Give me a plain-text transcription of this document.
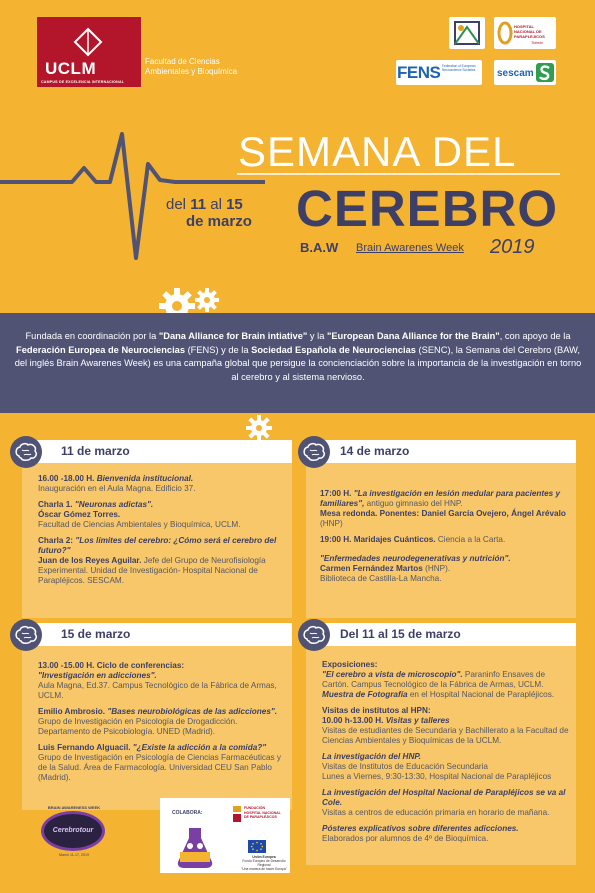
UCLM
CAMPUS DE EXCELENCIA INTERNACIONAL
Facultad de Ciencias
Ambientales y Bioquímica
HOSPITAL
NACIONAL DE
PARAPLÉJICOS
Toledo
FENS Federation of European Neuroscience Societies	sescam
SEMANA DEL
CEREBRO
del 11 al 15
de marzo
B.A.W Brain Awarenes Week 2019
Fundada en coordinación por la "Dana Alliance for Brain intiative" y la "European Dana Alliance for the Brain", con apoyo de la Federación Europea de Neurociencias (FENS) y de la Sociedad Española de Neurociencias (SENC), la Semana del Cerebro (BAW, del inglés Brain Awarenes Week) es una campaña global que persigue la concienciación sobre la importancia de la investigación en torno al cerebro y al sistema nervioso.
11 de marzo	14 de marzo
15 de marzo	Del 11 al 15 de marzo

16.00 -18.00 H. Bienvenida institucional.
Inauguración en el Aula Magna. Edificio 37.

Charla 1. "Neuronas adictas".
Óscar Gómez Torres.
Facultad de Ciencias Ambientales y Bioquímica, UCLM.

Charla 2: "Los límites del cerebro: ¿Cómo será el cerebro del futuro?"
Juan de los Reyes Aguilar. Jefe del Grupo de Neurofisiología Experimental. Unidad de Investigación- Hospital Nacional de Parapléjicos. SESCAM.

17:00 H. "La investigación en lesión medular para pacientes y familiares", antiguo gimnasio del HNP.
Mesa redonda. Ponentes: Daniel García Ovejero, Ángel Arévalo (HNP)

19:00 H. Maridajes Cuánticos. Ciencia a la Carta.

"Enfermedades neurodegenerativas y nutrición".
Carmen Fernández Martos (HNP).
Biblioteca de Castilla-La Mancha.

13.00 -15.00 H. Ciclo de conferencias:
"Investigación en adicciones".
Aula Magna, Ed.37. Campus Tecnológico de la Fábrica de Armas, UCLM.

Emilio Ambrosio. "Bases neurobiológicas de las adicciones".
Grupo de Investigación en Psicología de Drogadicción. Departamento de Psicobiología. UNED (Madrid).

Luis Fernando Alguacil. "¿Existe la adicción a la comida?"
Grupo de Investigación en Psicología de Ciencias Farmacéuticas y de la Salud. Área de Farmacología. Universidad CEU San Pablo (Madrid).

Exposiciones:
"El cerebro a vista de microscopio". Paraninfo Ensaves de Cartón. Campus Tecnológico de la Fábrica de Armas, UCLM.
Muestra de Fotografía en el Hospital Nacional de Parapléjicos.

Visitas de institutos al HPN:
10.00 h-13.00 H. Visitas y talleres
Visitas de estudiantes de Secundaria y Bachillerato a la Facultad de Ciencias Ambientales y Bioquímicas de la UCLM.

La investigación del HNP.
Visitas de Institutos de Educación Secundaria
Lunes a Viernes, 9:30-13:30, Hospital Nacional de Parapléjicos

La investigación del Hospital Nacional de Parapléjicos se va al Cole.
Visitas a centros de educación primaria en horario de mañana.

Pósteres explicativos sobre diferentes adicciones.
Elaborados por alumnos de 4º de Bioquímica.

BRAIN AWARENESS WEEK
Cerebrotour
March 11-17, 2019
COLABORA:
FUNDACIÓN
HOSPITAL NACIONAL
DE PARAPLÉJICOS
Unión Europea
Fondo Europeo de Desarrollo Regional
"Una manera de hacer Europa"
